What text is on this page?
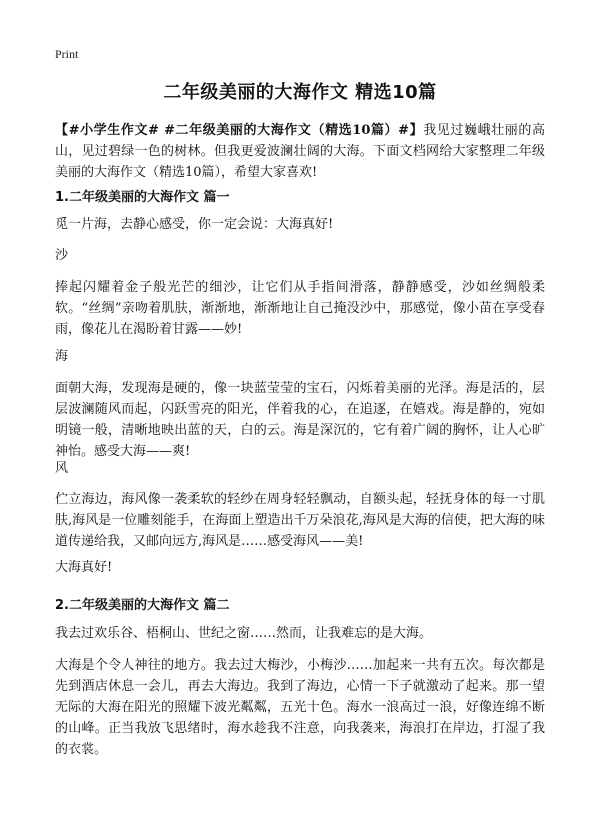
Print
二年级美丽的大海作文 精选10篇
【#小学生作文# #二年级美丽的大海作文（精选10篇）#】我见过巍峨壮丽的高山，见过碧绿一色的树林。但我更爱波澜壮阔的大海。下面文档网给大家整理二年级美丽的大海作文（精选10篇），希望大家喜欢!
1.二年级美丽的大海作文 篇一
觅一片海，去静心感受，你一定会说：大海真好!
沙
捧起闪耀着金子般光芒的细沙，让它们从手指间滑落，静静感受，沙如丝绸般柔软。“丝绸”亲吻着肌肤，渐渐地，渐渐地让自己掩没沙中，那感觉，像小苗在享受春雨，像花儿在渴盼着甘露——妙!
海
面朝大海，发现海是硬的，像一块蓝莹莹的宝石，闪烁着美丽的光泽。海是活的，层层波澜随风而起，闪跃雪亮的阳光，伴着我的心，在追逐，在嬉戏。海是静的，宛如明镜一般，清晰地映出蓝的天，白的云。海是深沉的，它有着广阔的胸怀，让人心旷神怡。感受大海——爽!
风
伫立海边，海风像一袭柔软的轻纱在周身轻轻飘动，自额头起，轻抚身体的每一寸肌肤,海风是一位雕刻能手，在海面上塑造出千万朵浪花,海风是大海的信使，把大海的味道传递给我，又邮向远方,海风是……感受海风——美!
大海真好!
2.二年级美丽的大海作文 篇二
我去过欢乐谷、梧桐山、世纪之窗……然而，让我难忘的是大海。
大海是个令人神往的地方。我去过大梅沙，小梅沙……加起来一共有五次。每次都是先到酒店休息一会儿，再去大海边。我到了海边，心情一下子就激动了起来。那一望无际的大海在阳光的照耀下波光粼粼，五光十色。海水一浪高过一浪，好像连绵不断的山峰。正当我放飞思绪时，海水趁我不注意，向我袭来，海浪打在岸边，打湿了我的衣裳。
